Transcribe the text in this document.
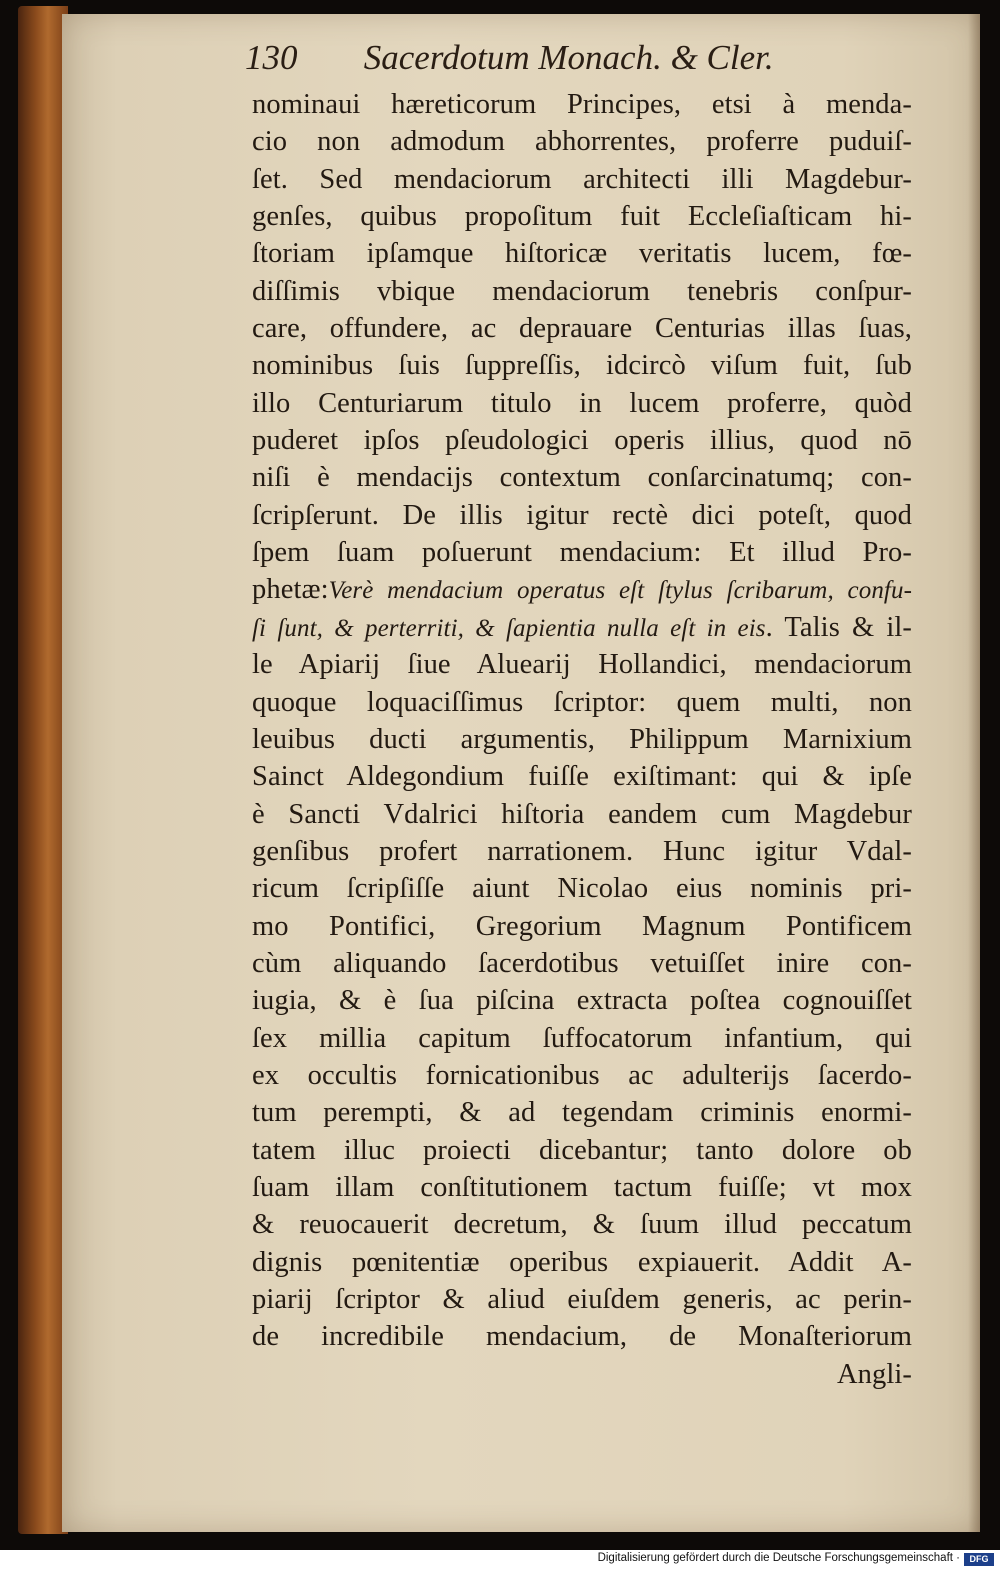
130 Sacerdotum Monach. & Cler.
nominaui hæreticorum Principes, etsi à menda-
cio non admodum abhorrentes, proferre puduiſ-
ſet. Sed mendaciorum architecti illi Magdebur-
genſes, quibus propoſitum fuit Eccleſiaſticam hi-
ſtoriam ipſamque hiſtoricæ veritatis lucem, fœ-
diſſimis vbique mendaciorum tenebris conſpur-
care, offundere, ac deprauare Centurias illas ſuas,
nominibus ſuis ſuppreſſis, idcircò viſum fuit, ſub
illo Centuriarum titulo in lucem proferre, quòd
puderet ipſos pſeudologici operis illius, quod nō
niſi è mendacijs contextum conſarcinatumq; con-
ſcripſerunt. De illis igitur rectè dici poteſt, quod
ſpem ſuam poſuerunt mendacium: Et illud Pro-
phetæ:Verè mendacium operatus eſt ſtylus ſcribarum, confu-
ſi ſunt, & perterriti, & ſapientia nulla eſt in eis. Talis & il-
le Apiarij ſiue Aluearij Hollandici, mendaciorum
quoque loquaciſſimus ſcriptor: quem multi, non
leuibus ducti argumentis, Philippum Marnixium
Sainct Aldegondium fuiſſe exiſtimant: qui & ipſe
è Sancti Vdalrici hiſtoria eandem cum Magdebur
genſibus profert narrationem. Hunc igitur Vdal-
ricum ſcripſiſſe aiunt Nicolao eius nominis pri-
mo Pontifici, Gregorium Magnum Pontificem
cùm aliquando ſacerdotibus vetuiſſet inire con-
iugia, & è ſua piſcina extracta poſtea cognouiſſet
ſex millia capitum ſuffocatorum infantium, qui
ex occultis fornicationibus ac adulterijs ſacerdo-
tum perempti, & ad tegendam criminis enormi-
tatem illuc proiecti dicebantur; tanto dolore ob
ſuam illam conſtitutionem tactum fuiſſe; vt mox
& reuocauerit decretum, & ſuum illud peccatum
dignis pœnitentiæ operibus expiauerit. Addit A-
piarij ſcriptor & aliud eiuſdem generis, ac perin-
de incredibile mendacium, de Monaſteriorum
Angli-
Digitalisierung gefördert durch die Deutsche Forschungsgemeinschaft ·	DFG
